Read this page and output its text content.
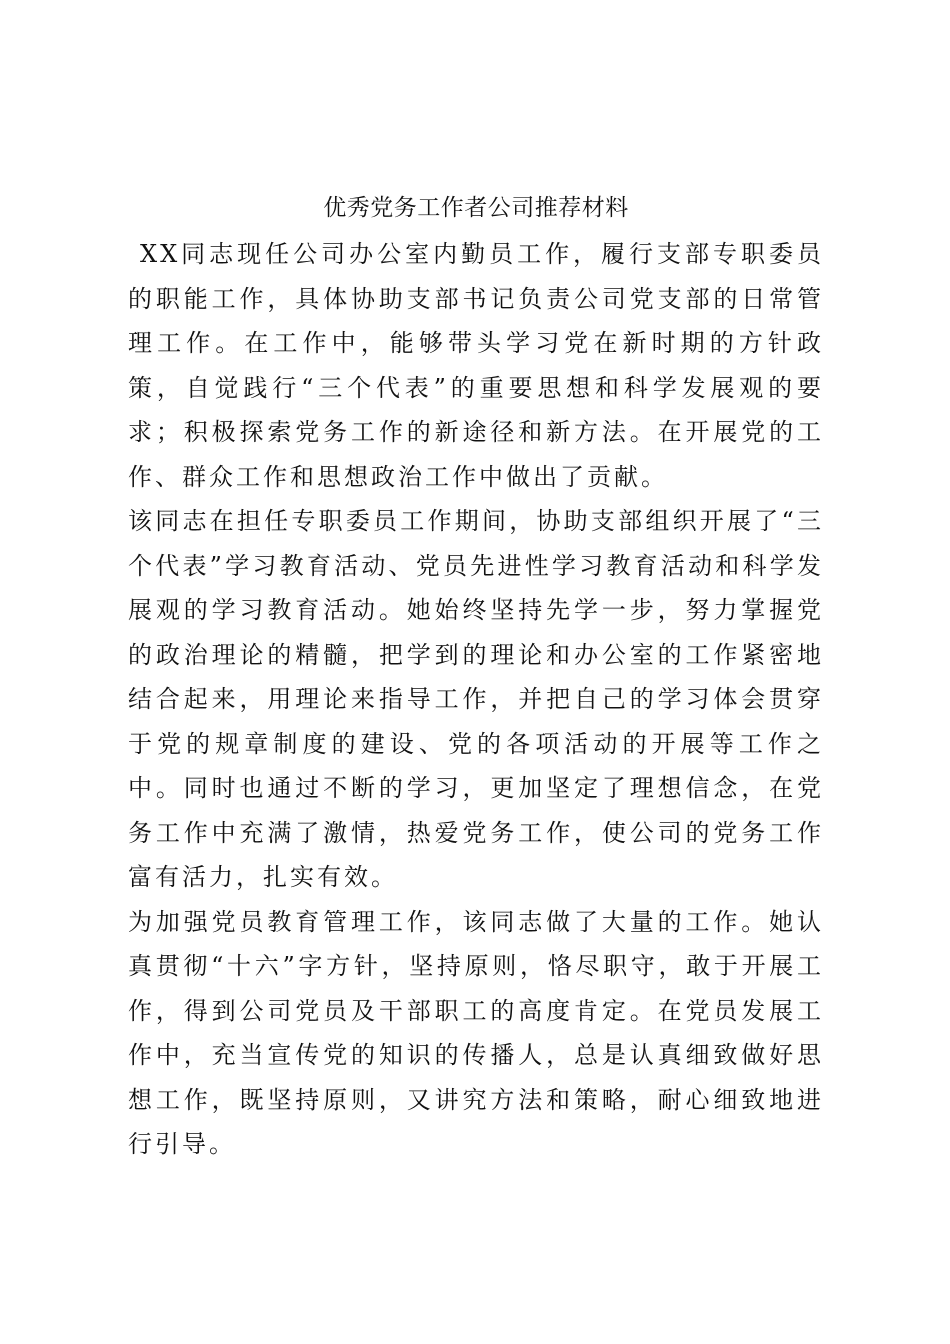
优秀党务工作者公司推荐材料

XX同志现任公司办公室内勤员工作，履行支部专职委员的职能工作，具体协助支部书记负责公司党支部的日常管理工作。在工作中，能够带头学习党在新时期的方针政策，自觉践行“三个代表”的重要思想和科学发展观的要求；积极探索党务工作的新途径和新方法。在开展党的工作、群众工作和思想政治工作中做出了贡献。

该同志在担任专职委员工作期间，协助支部组织开展了“三个代表”学习教育活动、党员先进性学习教育活动和科学发展观的学习教育活动。她始终坚持先学一步，努力掌握党的政治理论的精髓，把学到的理论和办公室的工作紧密地结合起来，用理论来指导工作，并把自己的学习体会贯穿于党的规章制度的建设、党的各项活动的开展等工作之中。同时也通过不断的学习，更加坚定了理想信念，在党务工作中充满了激情，热爱党务工作，使公司的党务工作富有活力，扎实有效。

为加强党员教育管理工作，该同志做了大量的工作。她认真贯彻“十六”字方针，坚持原则，恪尽职守，敢于开展工作，得到公司党员及干部职工的高度肯定。在党员发展工作中，充当宣传党的知识的传播人，总是认真细致做好思想工作，既坚持原则，又讲究方法和策略，耐心细致地进行引导。
